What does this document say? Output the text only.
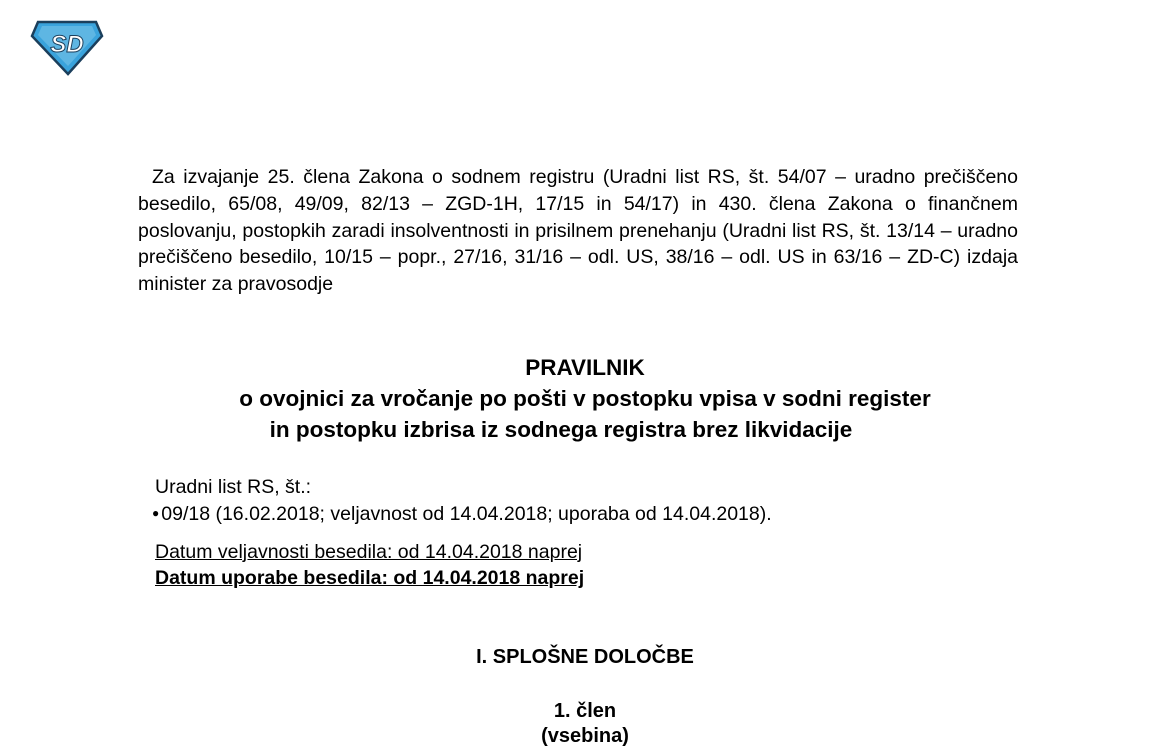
SD
Za izvajanje 25. člena Zakona o sodnem registru (Uradni list RS, št. 54/07 – uradno prečiščeno besedilo, 65/08, 49/09, 82/13 – ZGD-1H, 17/15 in 54/17) in 430. člena Zakona o finančnem poslovanju, postopkih zaradi insolventnosti in prisilnem prenehanju (Uradni list RS, št. 13/14 – uradno prečiščeno besedilo, 10/15 – popr., 27/16, 31/16 – odl. US, 38/16 – odl. US in 63/16 – ZD-C) izdaja minister za pravosodje
PRAVILNIK
o ovojnici za vročanje po pošti v postopku vpisa v sodni register
in postopku izbrisa iz sodnega registra brez likvidacije
Uradni list RS, št.:
● 09/18 (16.02.2018; veljavnost od 14.04.2018; uporaba od 14.04.2018).
Datum veljavnosti besedila: od 14.04.2018 naprej
Datum uporabe besedila: od 14.04.2018 naprej
I. SPLOŠNE DOLOČBE
1. člen
(vsebina)
